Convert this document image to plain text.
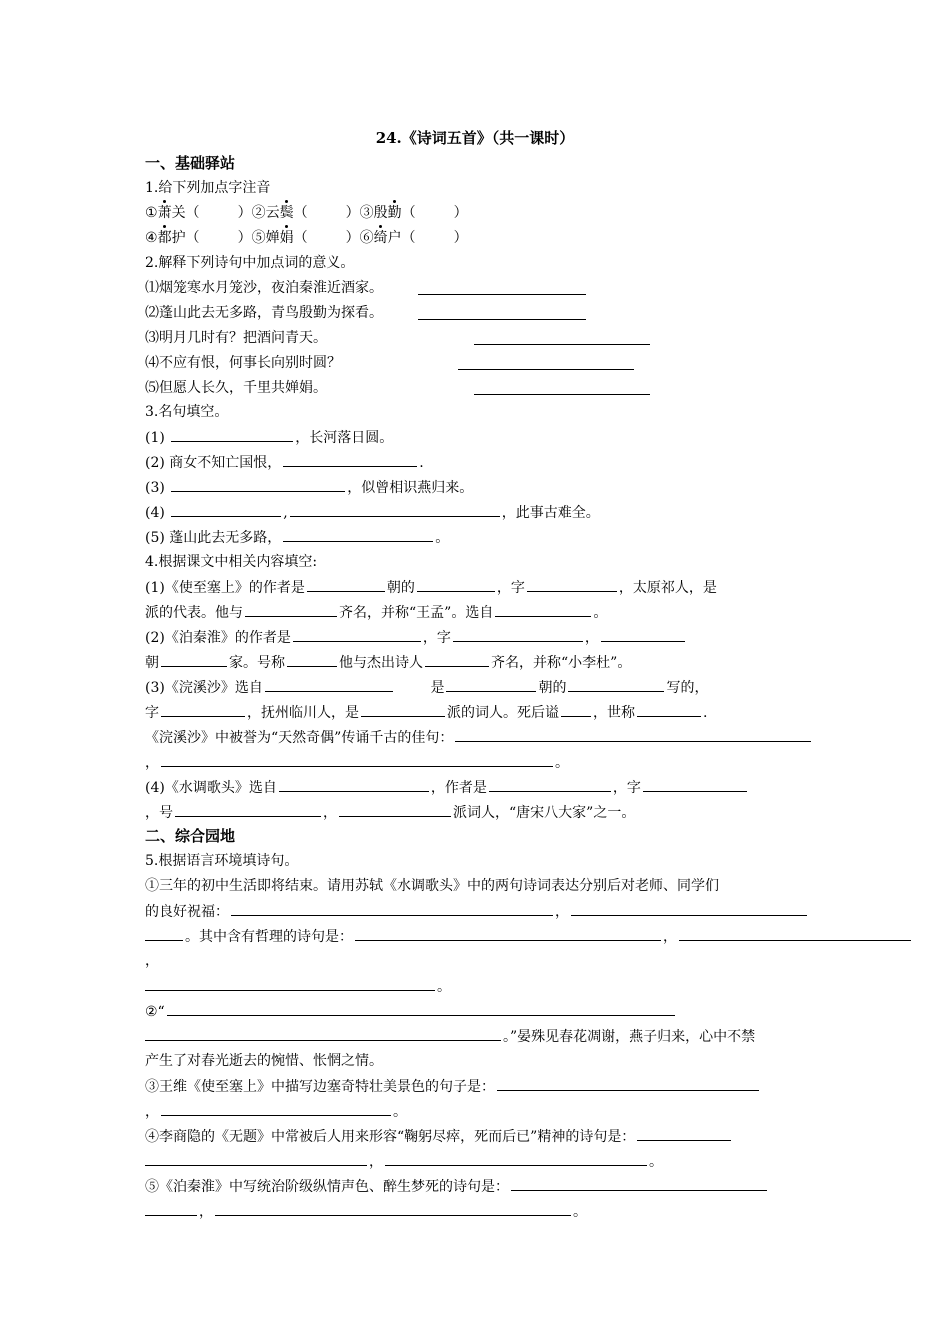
24.《诗词五首》（共一课时）
一、基础驿站
1.给下列加点字注音
①萧关（	）②云鬓（	）③殷勤（	）
④都护（	）⑤婵娟（	）⑥绮户（	）
2.解释下列诗句中加点词的意义。
⑴烟笼寒水月笼沙，夜泊秦淮近酒家。
⑵蓬山此去无多路，青鸟殷勤为探看。
⑶明月几时有？把酒问青天。
⑷不应有恨，何事长向别时圆？
⑸但愿人长久，千里共婵娟。
3.名句填空。
(1)	，长河落日圆。
(2) 商女不知亡国恨，	.
(3)	，似曾相识燕归来。
(4)	,	，此事古难全。
(5) 蓬山此去无多路，	。
4.根据课文中相关内容填空:
(1)《使至塞上》的作者是	朝的	，字	，太原祁人，是
派的代表。他与	齐名，并称“王孟”。选自	。
(2)《泊秦淮》的作者是	，字	，
朝	家。号称	他与杰出诗人	齐名，并称“小李杜”。
(3)《浣溪沙》选自	是	朝的	写的，
字	，抚州临川人，是	派的词人。死后谥 ，世称	.
《浣溪沙》中被誉为“天然奇偶”传诵千古的佳句：
，	。
(4)《水调歌头》选自	，作者是	，字
，号	，	派词人，“唐宋八大家”之一。
二、综合园地
5.根据语言环境填诗句。
①三年的初中生活即将结束。请用苏轼《水调歌头》中的两句诗词表达分别后对老师、同学们
的良好祝福：	，
。其中含有哲理的诗句是：	，
，
。
②“
。”晏殊见春花凋谢，燕子归来，心中不禁
产生了对春光逝去的惋惜、怅惘之情。
③王维《使至塞上》中描写边塞奇特壮美景色的句子是：
，	。
④李商隐的《无题》中常被后人用来形容“鞠躬尽瘁，死而后已”精神的诗句是：
，	。
⑤《泊秦淮》中写统治阶级纵情声色、醉生梦死的诗句是：
，	。
